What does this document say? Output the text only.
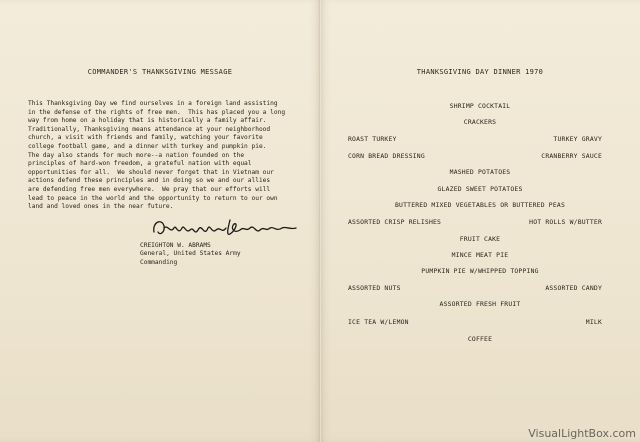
COMMANDER'S THANKSGIVING MESSAGE
This Thanksgiving Day we find ourselves in a foreign land assisting
in the defense of the rights of free men.  This has placed you a long
way from home on a holiday that is historically a family affair.
Traditionally, Thanksgiving means attendance at your neighborhood
church, a visit with friends and family, watching your favorite
college football game, and a dinner with turkey and pumpkin pie.
The day also stands for much more--a nation founded on the
principles of hard-won freedom, a grateful nation with equal
opportunities for all.  We should never forget that in Vietnam our
actions defend these principles and in doing so we and our allies
are defending free men everywhere.  We pray that our efforts will
lead to peace in the world and the opportunity to return to our own
land and loved ones in the near future.
CREIGHTON W. ABRAMS
General, United States Army
Commanding
THANKSGIVING DAY DINNER 1970
SHRIMP COCKTAIL
CRACKERS
ROAST TURKEY	TURKEY GRAVY
CORN BREAD DRESSING	CRANBERRY SAUCE
MASHED POTATOES
GLAZED SWEET POTATOES
BUTTERED MIXED VEGETABLES OR BUTTERED PEAS
ASSORTED CRISP RELISHES	HOT ROLLS W/BUTTER
FRUIT CAKE
MINCE MEAT PIE
PUMPKIN PIE W/WHIPPED TOPPING
ASSORTED NUTS	ASSORTED CANDY
ASSORTED FRESH FRUIT
ICE TEA W/LEMON	MILK
COFFEE
VisualLightBox.com
